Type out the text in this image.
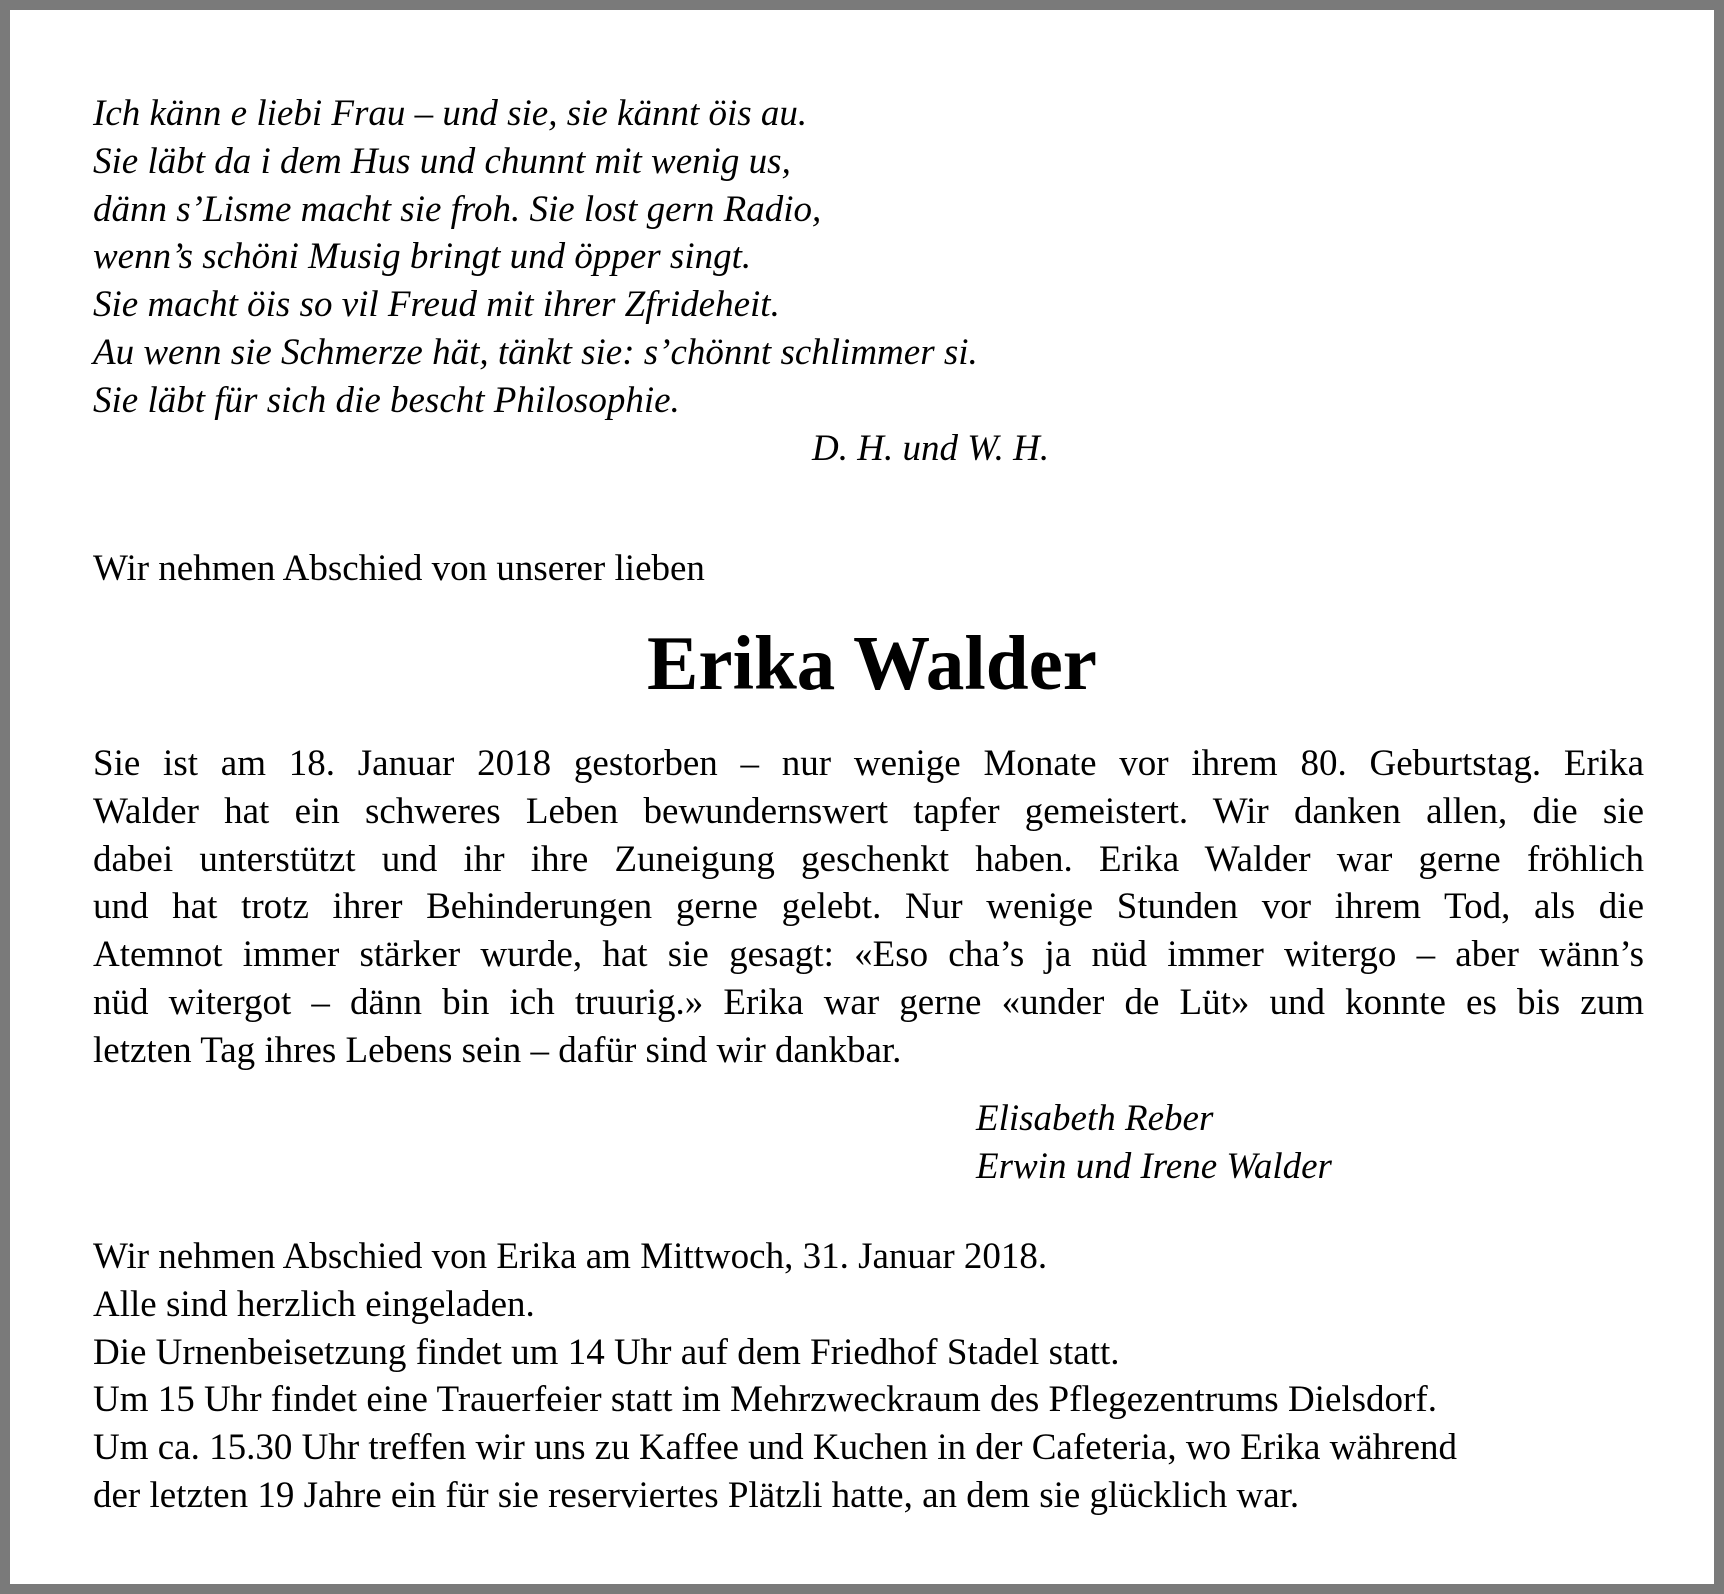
Ich känn e liebi Frau – und sie, sie kännt öis au.
Sie läbt da i dem Hus und chunnt mit wenig us,
dänn s’Lisme macht sie froh. Sie lost gern Radio,
wenn’s schöni Musig bringt und öpper singt.
Sie macht öis so vil Freud mit ihrer Zfrideheit.
Au wenn sie Schmerze hät, tänkt sie: s’chönnt schlimmer si.
Sie läbt für sich die bescht Philosophie.
D. H. und W. H.
Wir nehmen Abschied von unserer lieben
Erika Walder
Sie ist am 18. Januar 2018 gestorben – nur wenige Monate vor ihrem 80. Geburtstag. Erika
Walder hat ein schweres Leben bewundernswert tapfer gemeistert. Wir danken allen, die sie
dabei unterstützt und ihr ihre Zuneigung geschenkt haben. Erika Walder war gerne fröhlich
und hat trotz ihrer Behinderungen gerne gelebt. Nur wenige Stunden vor ihrem Tod, als die
Atemnot immer stärker wurde, hat sie gesagt: «Eso cha’s ja nüd immer witergo – aber wänn’s
nüd witergot – dänn bin ich truurig.» Erika war gerne «under de Lüt» und konnte es bis zum
letzten Tag ihres Lebens sein – dafür sind wir dankbar.
Elisabeth Reber
Erwin und Irene Walder
Wir nehmen Abschied von Erika am Mittwoch, 31. Januar 2018.
Alle sind herzlich eingeladen.
Die Urnenbeisetzung findet um 14 Uhr auf dem Friedhof Stadel statt.
Um 15 Uhr findet eine Trauerfeier statt im Mehrzweckraum des Pflegezentrums Dielsdorf.
Um ca. 15.30 Uhr treffen wir uns zu Kaffee und Kuchen in der Cafeteria, wo Erika während
der letzten 19 Jahre ein für sie reserviertes Plätzli hatte, an dem sie glücklich war.
